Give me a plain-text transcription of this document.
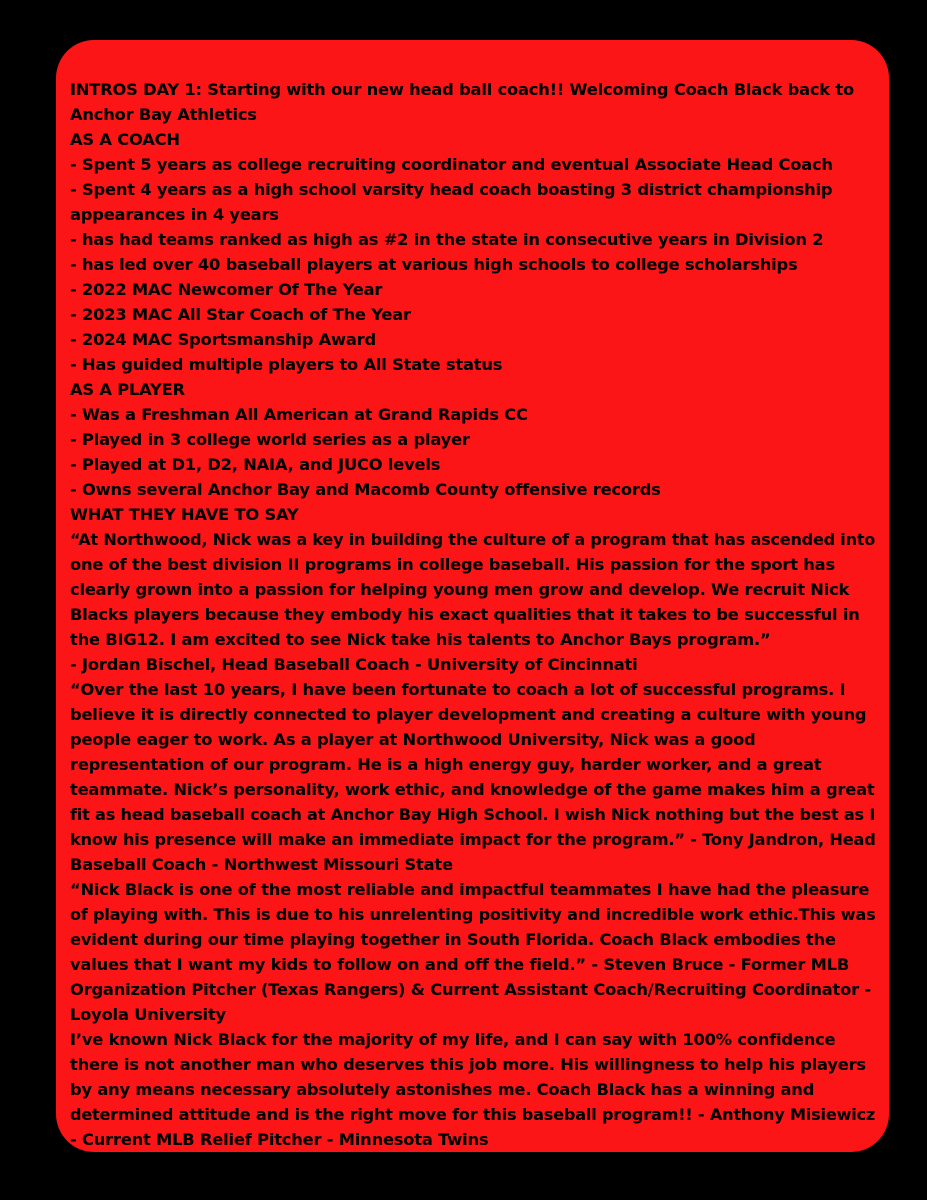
INTROS DAY 1: Starting with our new head ball coach!! Welcoming Coach Black back to
Anchor Bay Athletics
AS A COACH
- Spent 5 years as college recruiting coordinator and eventual Associate Head Coach
- Spent 4 years as a high school varsity head coach boasting 3 district championship
appearances in 4 years
- has had teams ranked as high as #2 in the state in consecutive years in Division 2
- has led over 40 baseball players at various high schools to college scholarships
- 2022 MAC Newcomer Of The Year
- 2023 MAC All Star Coach of The Year
- 2024 MAC Sportsmanship Award
- Has guided multiple players to All State status
AS A PLAYER
- Was a Freshman All American at Grand Rapids CC
- Played in 3 college world series as a player
- Played at D1, D2, NAIA, and JUCO levels
- Owns several Anchor Bay and Macomb County offensive records
WHAT THEY HAVE TO SAY
“At Northwood, Nick was a key in building the culture of a program that has ascended into
one of the best division II programs in college baseball. His passion for the sport has
clearly grown into a passion for helping young men grow and develop. We recruit Nick
Blacks players because they embody his exact qualities that it takes to be successful in
the BIG12. I am excited to see Nick take his talents to Anchor Bays program.”
- Jordan Bischel, Head Baseball Coach - University of Cincinnati
“Over the last 10 years, I have been fortunate to coach a lot of successful programs. I
believe it is directly connected to player development and creating a culture with young
people eager to work. As a player at Northwood University, Nick was a good
representation of our program. He is a high energy guy, harder worker, and a great
teammate. Nick’s personality, work ethic, and knowledge of the game makes him a great
fit as head baseball coach at Anchor Bay High School. I wish Nick nothing but the best as I
know his presence will make an immediate impact for the program.” - Tony Jandron, Head
Baseball Coach - Northwest Missouri State
“Nick Black is one of the most reliable and impactful teammates I have had the pleasure
of playing with. This is due to his unrelenting positivity and incredible work ethic.This was
evident during our time playing together in South Florida. Coach Black embodies the
values that I want my kids to follow on and off the field.” - Steven Bruce - Former MLB
Organization Pitcher (Texas Rangers) & Current Assistant Coach/Recruiting Coordinator -
Loyola University
I’ve known Nick Black for the majority of my life, and I can say with 100% confidence
there is not another man who deserves this job more. His willingness to help his players
by any means necessary absolutely astonishes me. Coach Black has a winning and
determined attitude and is the right move for this baseball program!! - Anthony Misiewicz
- Current MLB Relief Pitcher - Minnesota Twins
